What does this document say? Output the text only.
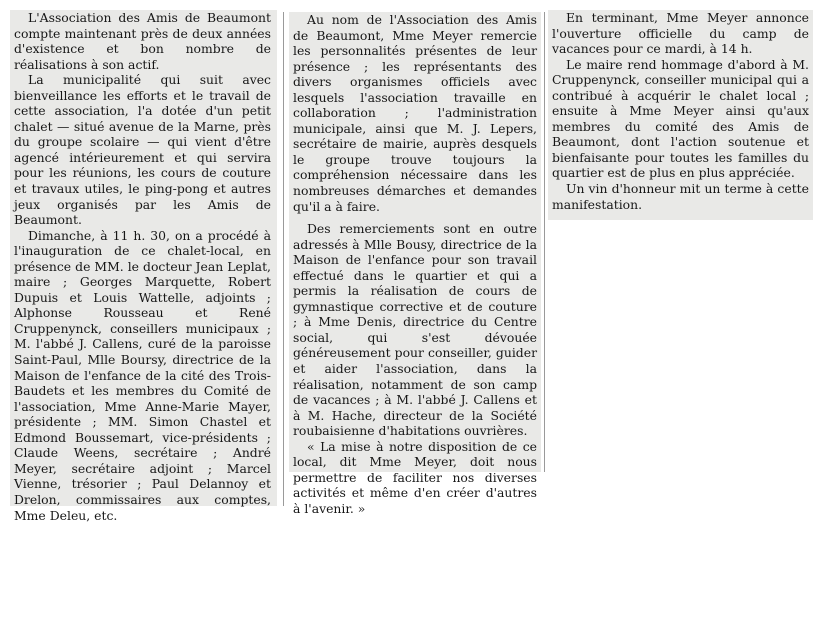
L'Association des Amis de Beaumont compte maintenant près de deux années d'existence et bon nombre de réalisations à son actif.

La municipalité qui suit avec bienveillance les efforts et le travail de cette association, l'a dotée d'un petit chalet — situé avenue de la Marne, près du groupe scolaire — qui vient d'être agencé intérieurement et qui servira pour les réunions, les cours de couture et travaux utiles, le ping-pong et autres jeux organisés par les Amis de Beaumont.

Dimanche, à 11 h. 30, on a procédé à l'inauguration de ce chalet-local, en présence de MM. le docteur Jean Leplat, maire ; Georges Marquette, Robert Dupuis et Louis Wattelle, adjoints ; Alphonse Rousseau et René Cruppenynck, conseillers municipaux ; M. l'abbé J. Callens, curé de la paroisse Saint-Paul, Mlle Boursy, directrice de la Maison de l'enfance de la cité des Trois-Baudets et les membres du Comité de l'association, Mme Anne-Marie Mayer, présidente ; MM. Simon Chastel et Edmond Boussemart, vice-présidents ; Claude Weens, secrétaire ; André Meyer, secrétaire adjoint ; Marcel Vienne, trésorier ; Paul Delannoy et Drelon, commissaires aux comptes, Mme Deleu, etc.

Au nom de l'Association des Amis de Beaumont, Mme Meyer remercie les personnalités présentes de leur présence ; les représentants des divers organismes officiels avec lesquels l'association travaille en collaboration ; l'administration municipale, ainsi que M. J. Lepers, secrétaire de mairie, auprès desquels le groupe trouve toujours la compréhension nécessaire dans les nombreuses démarches et demandes qu'il a à faire.

Des remerciements sont en outre adressés à Mlle Bousy, directrice de la Maison de l'enfance pour son travail effectué dans le quartier et qui a permis la réalisation de cours de gymnastique corrective et de couture ; à Mme Denis, directrice du Centre social, qui s'est dévouée généreusement pour conseiller, guider et aider l'association, dans la réalisation, notamment de son camp de vacances ; à M. l'abbé J. Callens et à M. Hache, directeur de la Société roubaisienne d'habitations ouvrières.

« La mise à notre disposition de ce local, dit Mme Meyer, doit nous permettre de faciliter nos diverses activités et même d'en créer d'autres à l'avenir. »

En terminant, Mme Meyer annonce l'ouverture officielle du camp de vacances pour ce mardi, à 14 h.

Le maire rend hommage d'abord à M. Cruppenynck, conseiller municipal qui a contribué à acquérir le chalet local ; ensuite à Mme Meyer ainsi qu'aux membres du comité des Amis de Beaumont, dont l'action soutenue et bienfaisante pour toutes les familles du quartier est de plus en plus appréciée.

Un vin d'honneur mit un terme à cette manifestation.
